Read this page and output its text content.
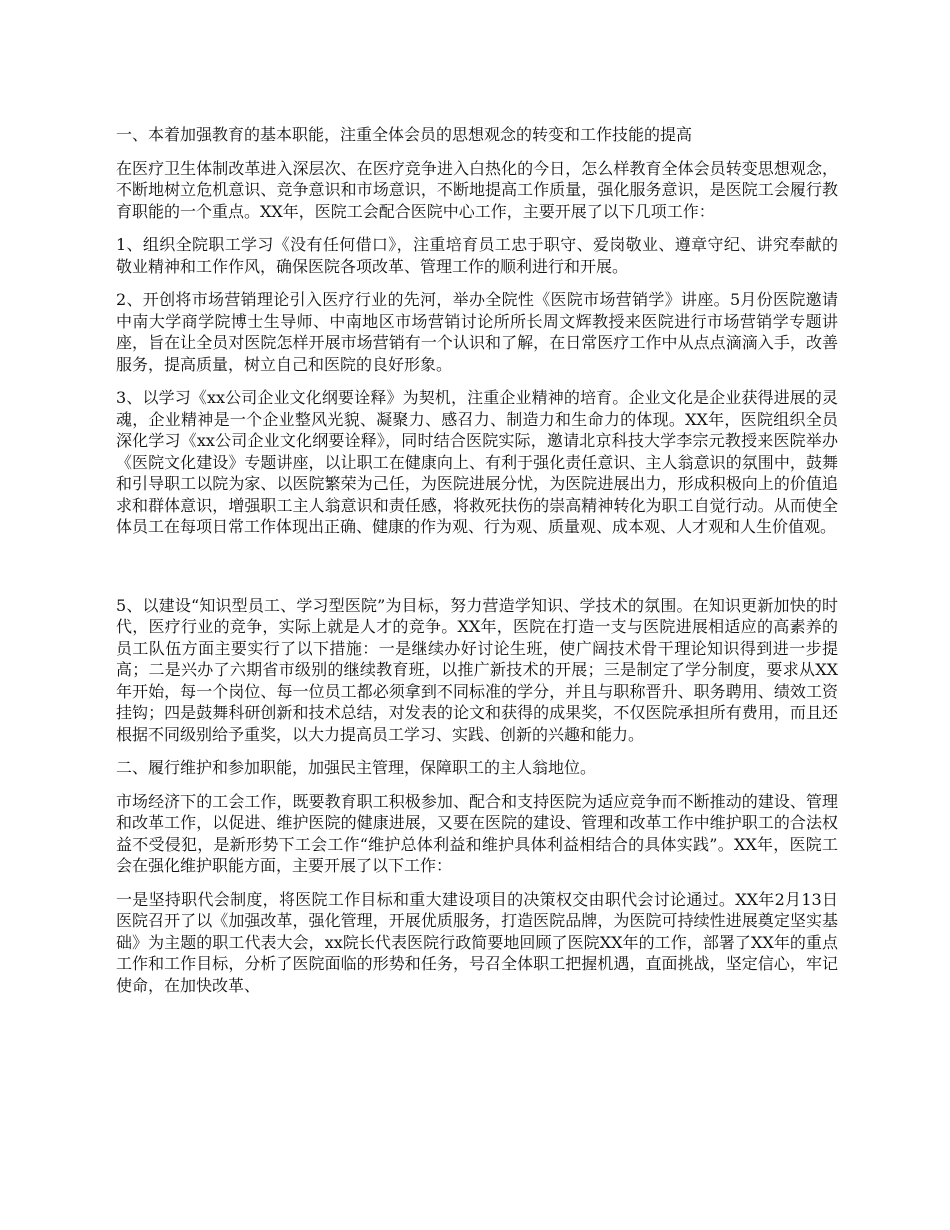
一、本着加强教育的基本职能，注重全体会员的思想观念的转变和工作技能的提高

在医疗卫生体制改革进入深层次、在医疗竞争进入白热化的今日，怎么样教育全体会员转变思想观念，不断地树立危机意识、竞争意识和市场意识，不断地提高工作质量，强化服务意识，是医院工会履行教育职能的一个重点。XX年，医院工会配合医院中心工作，主要开展了以下几项工作：

1、组织全院职工学习《没有任何借口》，注重培育员工忠于职守、爱岗敬业、遵章守纪、讲究奉献的敬业精神和工作作风，确保医院各项改革、管理工作的顺利进行和开展。

2、开创将市场营销理论引入医疗行业的先河，举办全院性《医院市场营销学》讲座。5月份医院邀请中南大学商学院博士生导师、中南地区市场营销讨论所所长周文辉教授来医院进行市场营销学专题讲座，旨在让全员对医院怎样开展市场营销有一个认识和了解，在日常医疗工作中从点点滴滴入手，改善服务，提高质量，树立自己和医院的良好形象。

3、以学习《xx公司企业文化纲要诠释》为契机，注重企业精神的培育。企业文化是企业获得进展的灵魂，企业精神是一个企业整风光貌、凝聚力、感召力、制造力和生命力的体现。XX年，医院组织全员深化学习《xx公司企业文化纲要诠释》，同时结合医院实际，邀请北京科技大学李宗元教授来医院举办《医院文化建设》专题讲座，以让职工在健康向上、有利于强化责任意识、主人翁意识的氛围中，鼓舞和引导职工以院为家、以医院繁荣为己任，为医院进展分忧，为医院进展出力，形成积极向上的价值追求和群体意识，增强职工主人翁意识和责任感，将救死扶伤的崇高精神转化为职工自觉行动。从而使全体员工在每项日常工作体现出正确、健康的作为观、行为观、质量观、成本观、人才观和人生价值观。

5、以建设“知识型员工、学习型医院”为目标，努力营造学知识、学技术的氛围。在知识更新加快的时代，医疗行业的竞争，实际上就是人才的竞争。XX年，医院在打造一支与医院进展相适应的高素养的员工队伍方面主要实行了以下措施：一是继续办好讨论生班，使广阔技术骨干理论知识得到进一步提高；二是兴办了六期省市级别的继续教育班，以推广新技术的开展；三是制定了学分制度，要求从XX年开始，每一个岗位、每一位员工都必须拿到不同标准的学分，并且与职称晋升、职务聘用、绩效工资挂钩；四是鼓舞科研创新和技术总结，对发表的论文和获得的成果奖，不仅医院承担所有费用，而且还根据不同级别给予重奖，以大力提高员工学习、实践、创新的兴趣和能力。

二、履行维护和参加职能，加强民主管理，保障职工的主人翁地位。

市场经济下的工会工作，既要教育职工积极参加、配合和支持医院为适应竞争而不断推动的建设、管理和改革工作，以促进、维护医院的健康进展，又要在医院的建设、管理和改革工作中维护职工的合法权益不受侵犯，是新形势下工会工作“维护总体利益和维护具体利益相结合的具体实践”。XX年，医院工会在强化维护职能方面，主要开展了以下工作：

一是坚持职代会制度，将医院工作目标和重大建设项目的决策权交由职代会讨论通过。XX年2月13日医院召开了以《加强改革，强化管理，开展优质服务，打造医院品牌，为医院可持续性进展奠定坚实基础》为主题的职工代表大会，xx院长代表医院行政简要地回顾了医院XX年的工作，部署了XX年的重点工作和工作目标，分析了医院面临的形势和任务，号召全体职工把握机遇，直面挑战，坚定信心，牢记使命，在加快改革、
